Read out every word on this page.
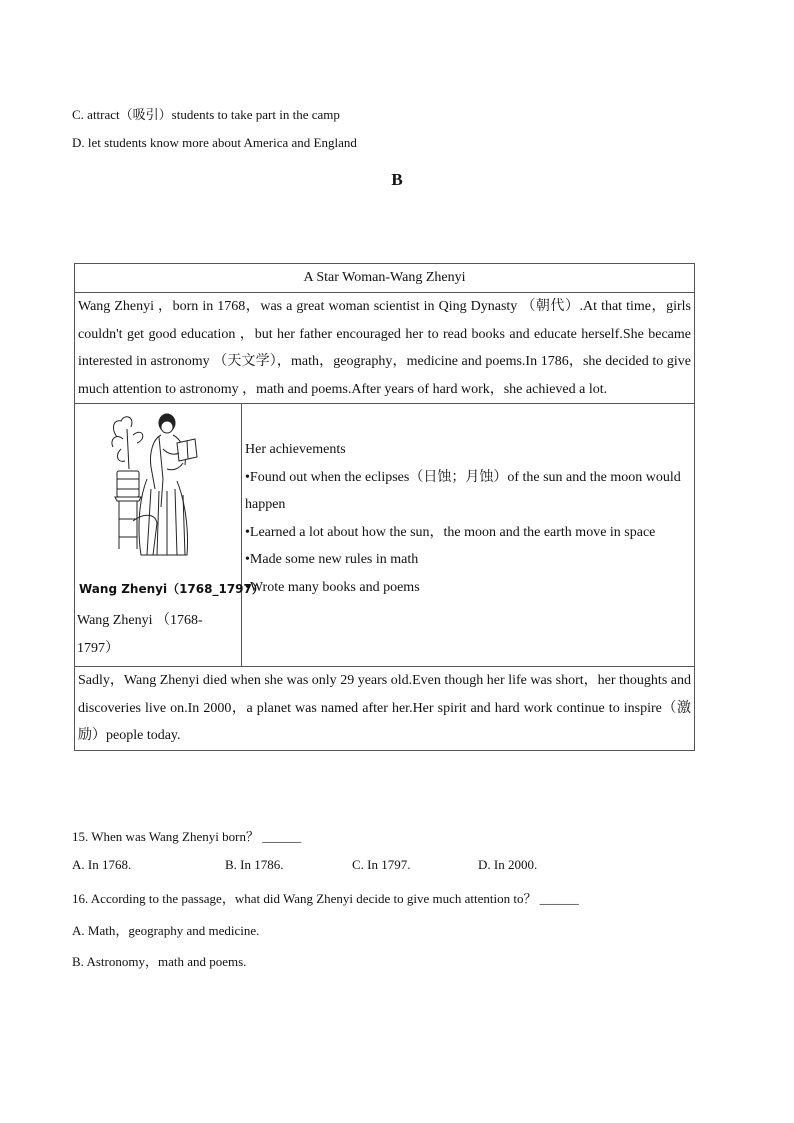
C. attract（吸引）students to take part in the camp
D. let students know more about America and England
B
A Star Woman-Wang Zhenyi
Wang Zhenyi ，born in 1768，was a great woman scientist in Qing Dynasty （朝代）.At that time，girls couldn't get good education ，but her father encouraged her to read books and educate herself.She became interested in astronomy （天文学），math，geography，medicine and poems.In 1786，she decided to give much attention to astronomy ，math and poems.After years of hard work，she achieved a lot.

Wang Zhenyi（1768_1797）
Wang Zhenyi （1768-1797）

Her achievements
•Found out when the eclipses（日蚀；月蚀）of the sun and the moon would happen
•Learned a lot about how the sun，the moon and the earth move in space
•Made some new rules in math
•Wrote many books and poems

Sadly，Wang Zhenyi died when she was only 29 years old.Even though her life was short，her thoughts and discoveries live on.In 2000，a planet was named after her.Her spirit and hard work continue to inspire（激励）people today.
15. When was Wang Zhenyi born？ ______
A. In 1768.	B. In 1786.	C. In 1797.	D. In 2000.
16. According to the passage，what did Wang Zhenyi decide to give much attention to？ ______
A. Math，geography and medicine.
B. Astronomy，math and poems.
